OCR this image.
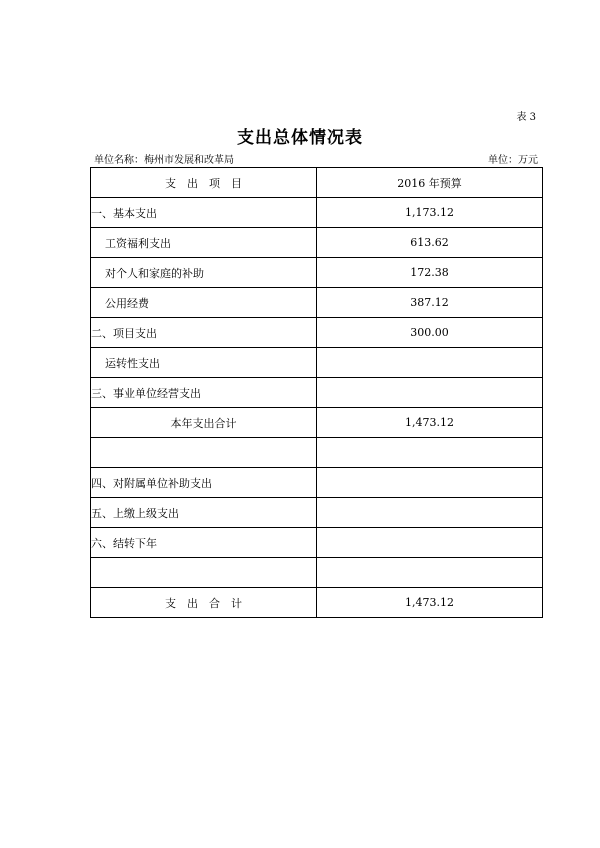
表 3
支出总体情况表
单位名称：梅州市发展和改革局	单位：万元
支　出　项　目	2016 年预算
一、基本支出	1,173.12
工资福利支出	613.62
对个人和家庭的补助	172.38
公用经费	387.12
二、项目支出	300.00
运转性支出	
三、事业单位经营支出	
本年支出合计	1,473.12

四、对附属单位补助支出	
五、上缴上级支出	
六、结转下年	

支　出　合　计	1,473.12
